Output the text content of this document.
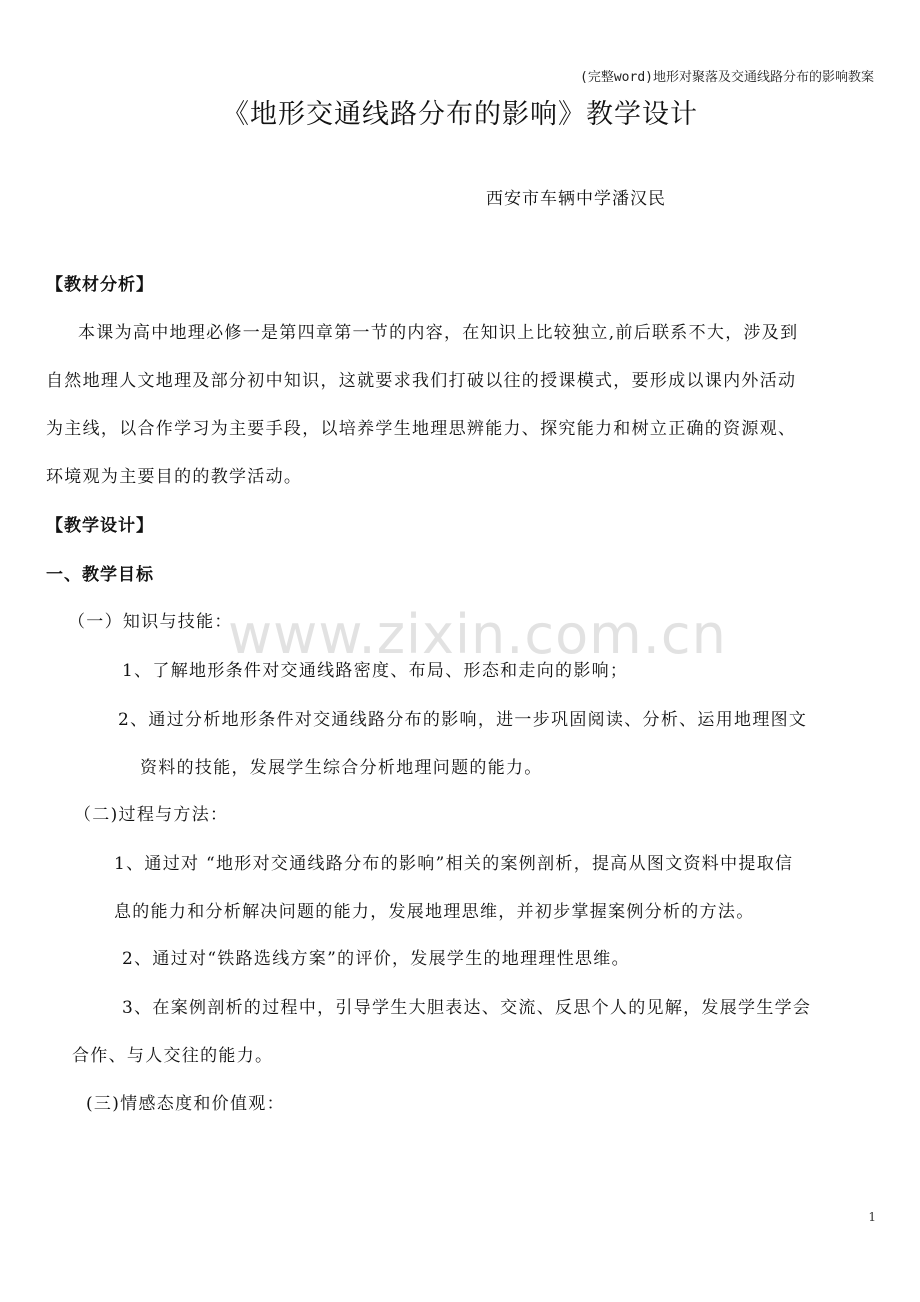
(完整word)地形对聚落及交通线路分布的影响教案
《地形交通线路分布的影响》教学设计
西安市车辆中学潘汉民
【教材分析】
本课为高中地理必修一是第四章第一节的内容，在知识上比较独立,前后联系不大，涉及到
自然地理人文地理及部分初中知识，这就要求我们打破以往的授课模式，要形成以课内外活动
为主线，以合作学习为主要手段，以培养学生地理思辨能力、探究能力和树立正确的资源观、
环境观为主要目的的教学活动。
【教学设计】
一、教学目标
www.zixin.com.cn
（一）知识与技能：
1、了解地形条件对交通线路密度、布局、形态和走向的影响；
2、通过分析地形条件对交通线路分布的影响，进一步巩固阅读、分析、运用地理图文
资料的技能，发展学生综合分析地理问题的能力。
（二)过程与方法：
1、通过对 “地形对交通线路分布的影响”相关的案例剖析，提高从图文资料中提取信
息的能力和分析解决问题的能力，发展地理思维，并初步掌握案例分析的方法。
2、通过对“铁路选线方案”的评价，发展学生的地理理性思维。
3、在案例剖析的过程中，引导学生大胆表达、交流、反思个人的见解，发展学生学会
合作、与人交往的能力。
(三)情感态度和价值观：
1
